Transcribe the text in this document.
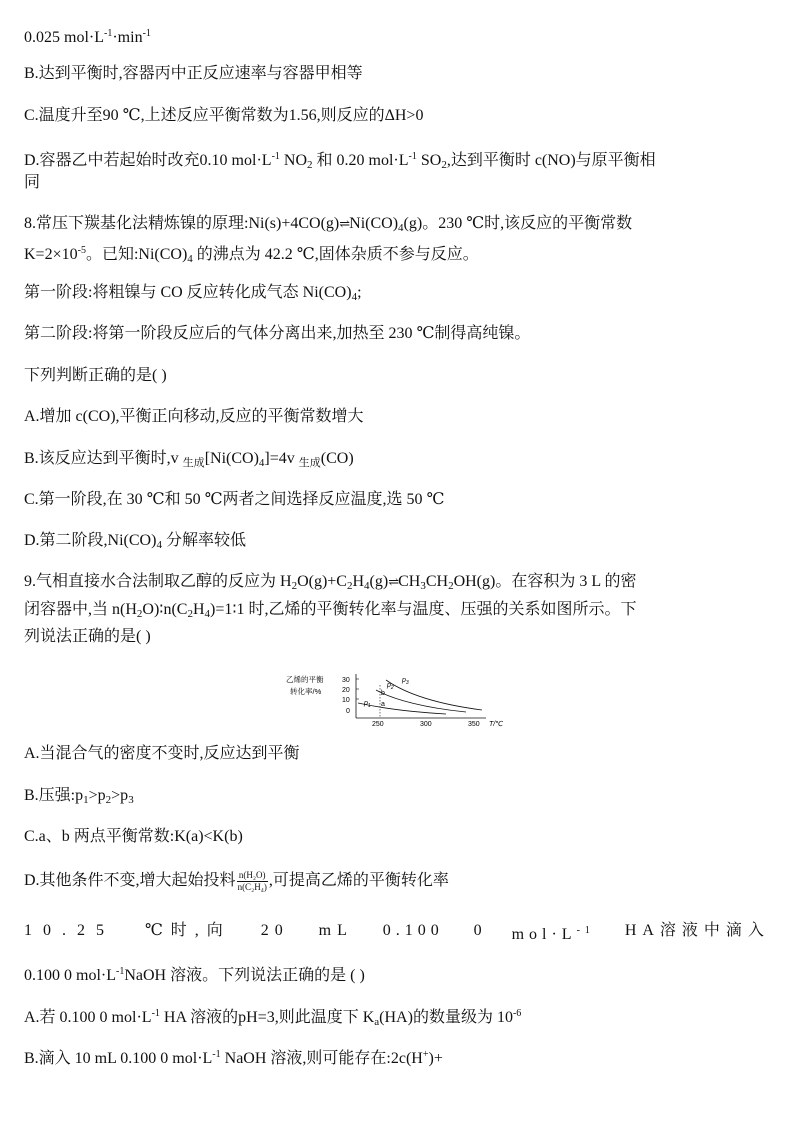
0.025 $mol\cdot L^{-1}\cdot\min^{-1}$
B.达到平衡时,容器丙中正反应速率与容器甲相等
C.温度升至90 ℃,上述反应平衡常数为1.56,则反应的ΔH>0
D.容器乙中若起始时改充0.10 $mol\cdot L^{-1}$ $NO_2$ 和 0.20 $mol\cdot L^{-1}$ $SO_2$,达到平衡时 c(NO)与原平衡相
同
8.常压下羰基化法精炼镍的原理$:Ni(s)+4CO(g)\rightleftharpoons Ni(CO)_4(g)$。230 ℃时,该反应的平衡常数
$K=2\times 10^{-5}$。已知$:Ni(CO)_4$ 的沸点为 42.2 ℃,固体杂质不参与反应。
第一阶段:将粗镍与 CO 反应转化成气态 $Ni(CO)_4$;
第二阶段:将第一阶段反应后的气体分离出来,加热至 230 ℃制得高纯镍。
下列判断正确的是( )
A.增加 c(CO),平衡正向移动,反应的平衡常数增大
B.该反应达到平衡时,v $_{生成}[Ni(CO)_4]=4v$ $_{生成}$(CO)
C.第一阶段,在 30 ℃和 50 ℃两者之间选择反应温度,选 50 ℃
D.第二阶段$,Ni(CO)_4$ 分解率较低
9.气相直接水合法制取乙醇的反应为 $H_2O(g)+C_2H_4(g)\rightleftharpoons CH_3CH_2OH(g)$。在容积为 3 L 的密
闭容器中,当 $n(H_2O)∶n(C_2H_4)=1∶1$ 时,乙烯的平衡转化率与温度、压强的关系如图所示。下
列说法正确的是( )
乙烯的平衡
转化率/%
30
20
10
0
$p_1$
$p_2$
$p_3$
b
a
250	300	350 T/℃
A.当混合气的密度不变时,反应达到平衡
B.压强$:p_1>p_2>p_3$
C.a、b 两点平衡常数:K(a)<K(b)
D.其他条件不变,增大起始投料 $\frac{\text{n(H₂O)}}{\text{n(C₂H₄)}}$ ,可提高乙烯的平衡转化率
10.25 ℃时,向 20 mL 0.100 0 $mol\cdot L^{-1}$ HA溶液中滴入
0.100 0 $mol\cdot L^{-1}NaOH$ 溶液。下列说法正确的是 ( )
A.若 0.100 0 $mol\cdot L^{-1}$ HA 溶液的pH=3,则此温度下 $K_a(HA)$的数量级为 $10^{-6}$
B.滴入 10 mL 0.100 0 $mol\cdot L^{-1}$ NaOH 溶液,则可能存在:2c(H+)+
